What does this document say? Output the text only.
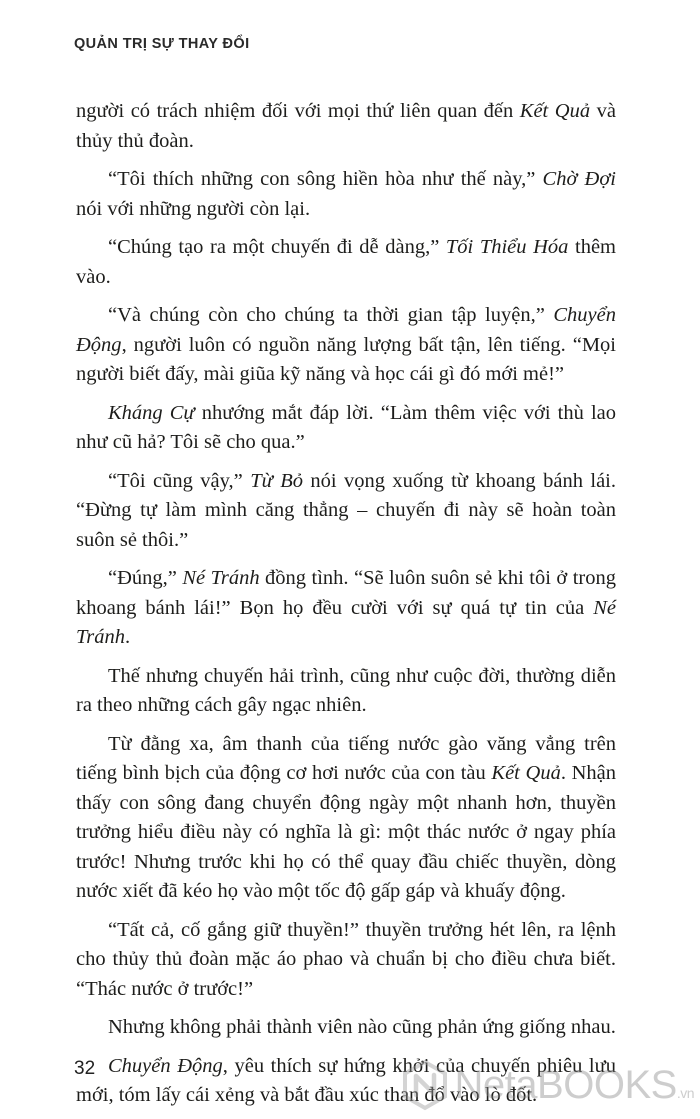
QUẢN TRỊ SỰ THAY ĐỔI

người có trách nhiệm đối với mọi thứ liên quan đến Kết Quả và thủy thủ đoàn.

“Tôi thích những con sông hiền hòa như thế này,” Chờ Đợi nói với những người còn lại.

“Chúng tạo ra một chuyến đi dễ dàng,” Tối Thiểu Hóa thêm vào.

“Và chúng còn cho chúng ta thời gian tập luyện,” Chuyển Động, người luôn có nguồn năng lượng bất tận, lên tiếng. “Mọi người biết đấy, mài giũa kỹ năng và học cái gì đó mới mẻ!”

Kháng Cự nhướng mắt đáp lời. “Làm thêm việc với thù lao như cũ hả? Tôi sẽ cho qua.”

“Tôi cũng vậy,” Từ Bỏ nói vọng xuống từ khoang bánh lái. “Đừng tự làm mình căng thẳng – chuyến đi này sẽ hoàn toàn suôn sẻ thôi.”

“Đúng,” Né Tránh đồng tình. “Sẽ luôn suôn sẻ khi tôi ở trong khoang bánh lái!” Bọn họ đều cười với sự quá tự tin của Né Tránh.

Thế nhưng chuyến hải trình, cũng như cuộc đời, thường diễn ra theo những cách gây ngạc nhiên.

Từ đằng xa, âm thanh của tiếng nước gào văng vẳng trên tiếng bình bịch của động cơ hơi nước của con tàu Kết Quả. Nhận thấy con sông đang chuyển động ngày một nhanh hơn, thuyền trưởng hiểu điều này có nghĩa là gì: một thác nước ở ngay phía trước! Nhưng trước khi họ có thể quay đầu chiếc thuyền, dòng nước xiết đã kéo họ vào một tốc độ gấp gáp và khuấy động.

“Tất cả, cố gắng giữ thuyền!” thuyền trưởng hét lên, ra lệnh cho thủy thủ đoàn mặc áo phao và chuẩn bị cho điều chưa biết. “Thác nước ở trước!”

Nhưng không phải thành viên nào cũng phản ứng giống nhau.

Chuyển Động, yêu thích sự hứng khởi của chuyến phiêu lưu mới, tóm lấy cái xẻng và bắt đầu xúc than đổ vào lò đốt.

32	NetaBOOKS.vn
